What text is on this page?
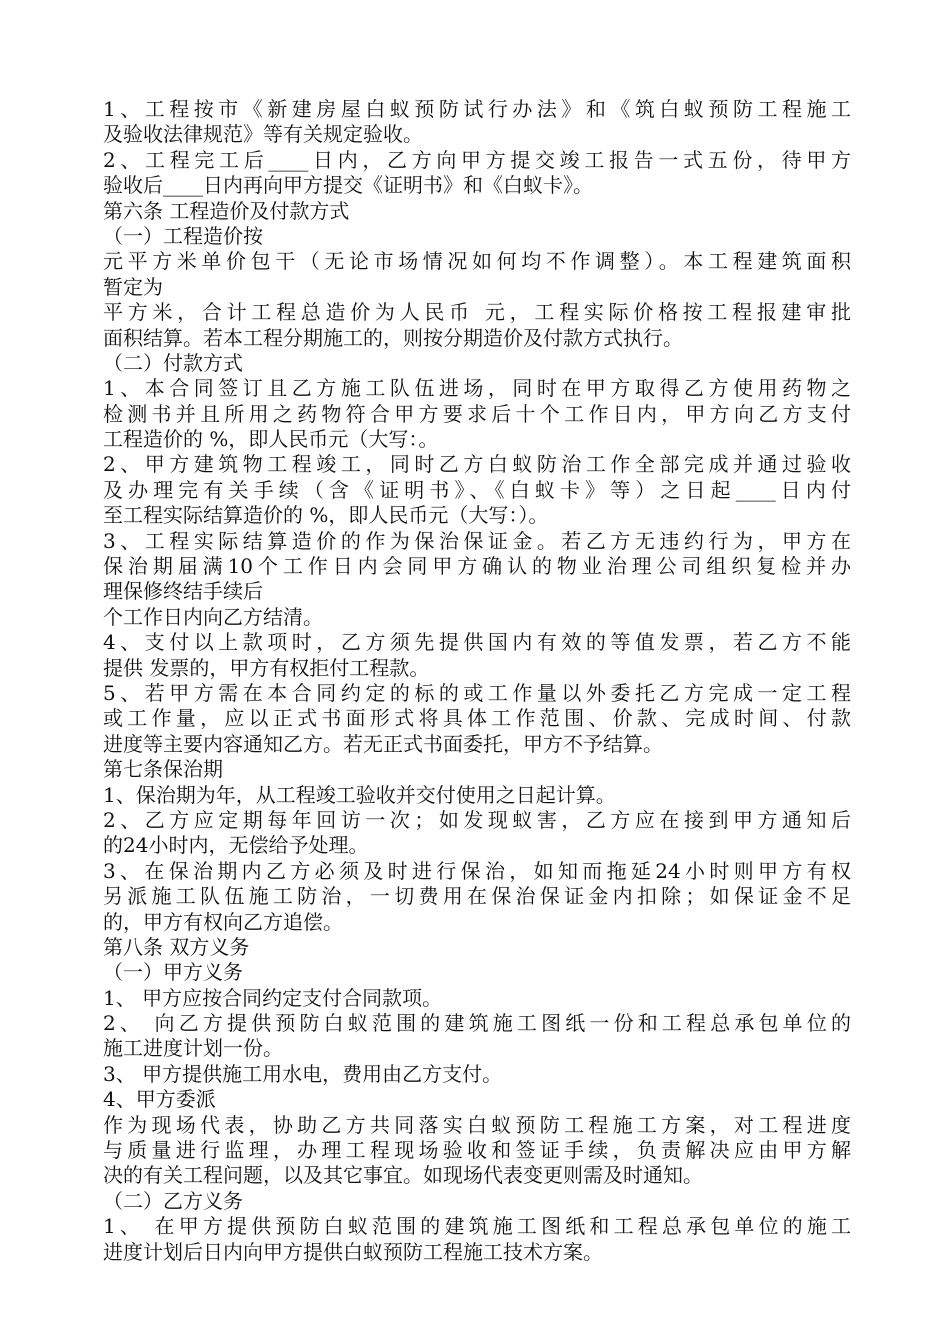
1、工程按市《新建房屋白蚁预防试行办法》和《筑白蚁预防工程施工
及验收法律规范》等有关规定验收。
2、工程完工后____日内，乙方向甲方提交竣工报告一式五份，待甲方
验收后____日内再向甲方提交《证明书》和《白蚁卡》。
第六条 工程造价及付款方式
（一）工程造价按
元平方米单价包干（无论市场情况如何均不作调整）。本工程建筑面积
暂定为
平方米，合计工程总造价为人民币 元，工程实际价格按工程报建审批
面积结算。若本工程分期施工的，则按分期造价及付款方式执行。
（二）付款方式
1、本合同签订且乙方施工队伍进场，同时在甲方取得乙方使用药物之
检测书并且所用之药物符合甲方要求后十个工作日内，甲方向乙方支付
工程造价的 %，即人民币元（大写：。
2、甲方建筑物工程竣工，同时乙方白蚁防治工作全部完成并通过验收
及办理完有关手续（含《证明书》、《白蚁卡》等）之日起____日内付
至工程实际结算造价的 %，即人民币元（大写：）。
3、工程实际结算造价的作为保治保证金。若乙方无违约行为，甲方在
保治期届满10个工作日内会同甲方确认的物业治理公司组织复检并办
理保修终结手续后
个工作日内向乙方结清。
4、支付以上款项时，乙方须先提供国内有效的等值发票，若乙方不能
提供 发票的，甲方有权拒付工程款。
5、若甲方需在本合同约定的标的或工作量以外委托乙方完成一定工程
或工作量，应以正式书面形式将具体工作范围、价款、完成时间、付款
进度等主要内容通知乙方。若无正式书面委托，甲方不予结算。
第七条保治期
1、保治期为年，从工程竣工验收并交付使用之日起计算。
2、乙方应定期每年回访一次；如发现蚁害，乙方应在接到甲方通知后
的24小时内，无偿给予处理。
3、在保治期内乙方必须及时进行保治，如知而拖延24小时则甲方有权
另派施工队伍施工防治，一切费用在保治保证金内扣除；如保证金不足
的，甲方有权向乙方追偿。
第八条 双方义务
（一）甲方义务
1、 甲方应按合同约定支付合同款项。
2、 向乙方提供预防白蚁范围的建筑施工图纸一份和工程总承包单位的
施工进度计划一份。
3、 甲方提供施工用水电，费用由乙方支付。
4、甲方委派
作为现场代表，协助乙方共同落实白蚁预防工程施工方案，对工程进度
与质量进行监理，办理工程现场验收和签证手续，负责解决应由甲方解
决的有关工程问题，以及其它事宜。如现场代表变更则需及时通知。
（二）乙方义务
1、 在甲方提供预防白蚁范围的建筑施工图纸和工程总承包单位的施工
进度计划后日内向甲方提供白蚁预防工程施工技术方案。
